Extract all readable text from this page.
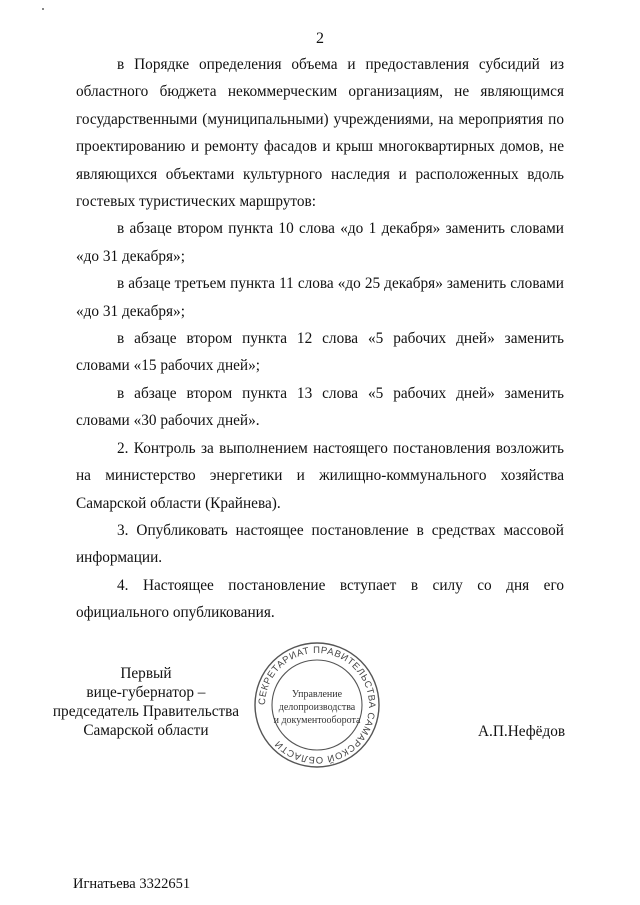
2

в Порядке определения объема и предоставления субсидий из областного бюджета некоммерческим организациям, не являющимся государственными (муниципальными) учреждениями, на мероприятия по проектированию и ремонту фасадов и крыш многоквартирных домов, не являющихся объектами культурного наследия и расположенных вдоль гостевых туристических маршрутов:

в абзаце втором пункта 10 слова «до 1 декабря» заменить словами «до 31 декабря»;

в абзаце третьем пункта 11 слова «до 25 декабря» заменить словами «до 31 декабря»;

в абзаце втором пункта 12 слова «5 рабочих дней» заменить словами «15 рабочих дней»;

в абзаце втором пункта 13 слова «5 рабочих дней» заменить словами «30 рабочих дней».

2. Контроль за выполнением настоящего постановления возложить на министерство энергетики и жилищно-коммунального хозяйства Самарской области (Крайнева).

3. Опубликовать настоящее постановление в средствах массовой информации.

4. Настоящее постановление вступает в силу со дня его официального опубликования.

Первый
вице-губернатор –
председатель Правительства
Самарской области	А.П.Нефёдов
СЕКРЕТАРИАТ ПРАВИТЕЛЬСТВА САМАРСКОЙ ОБЛАСТИ
Управление
делопроизводства
и документооборота
Игнатьева 3322651
